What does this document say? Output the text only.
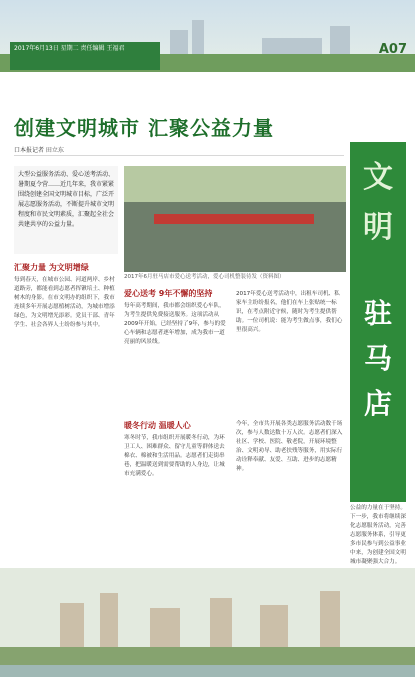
2017年6月13日 星期二 责任编辑 王福君	A07
创建文明城市 汇聚公益力量
口本报记者 田立东
大型公益服务活动、爱心送考活动、暑期夏令营……近几年来，我市紧紧围绕创建全国文明城市目标，广泛开展志愿服务活动，不断提升城市文明程度和市民文明素质，汇聚起全社会共建共享的公益力量。
2017年6月驻马店市爱心送考活动，爱心司机整装待发（资料图）
汇聚力量 为文明增绿
每到春天，在城市公园、河道两岸、乡村道路旁，都能看到志愿者挥锹培土、种植树木的身影。在市文明办的组织下，我市连续多年开展志愿植树活动，为城市增添绿色，为文明增光添彩。党员干部、青年学生、社会各界人士纷纷参与其中。
爱心送考 9年不懈的坚持
每年高考期间，我市都会组织爱心车队，为考生提供免费接送服务。这项活动从2009年开始，已经坚持了9年，参与的爱心车辆和志愿者逐年增加，成为我市一道亮丽的风景线。
2017年爱心送考活动中，出租车司机、私家车主纷纷报名，他们在车上张贴统一标识，在考点附近守候，随时为考生提供帮助。一位司机说：能为考生做点事，我们心里很高兴。
暖冬行动 温暖人心
寒冬时节，我市组织开展暖冬行动，为环卫工人、困难群众、留守儿童等群体送去棉衣、棉被和生活用品。志愿者们走街串巷，把温暖送到需要帮助的人身边，让城市充满爱心。
今年，全市共开展各类志愿服务活动数千场次，参与人数达数十万人次。志愿者们深入社区、学校、医院、敬老院，开展环境整治、文明劝导、助老扶残等服务，用实际行动诠释奉献、友爱、互助、进步的志愿精神。
公益的力量在于坚持。下一步，我市将继续深化志愿服务活动，完善志愿服务体系，引导更多市民参与到公益事业中来，为创建全国文明城市凝聚强大合力。
文
明
驻
马
店
